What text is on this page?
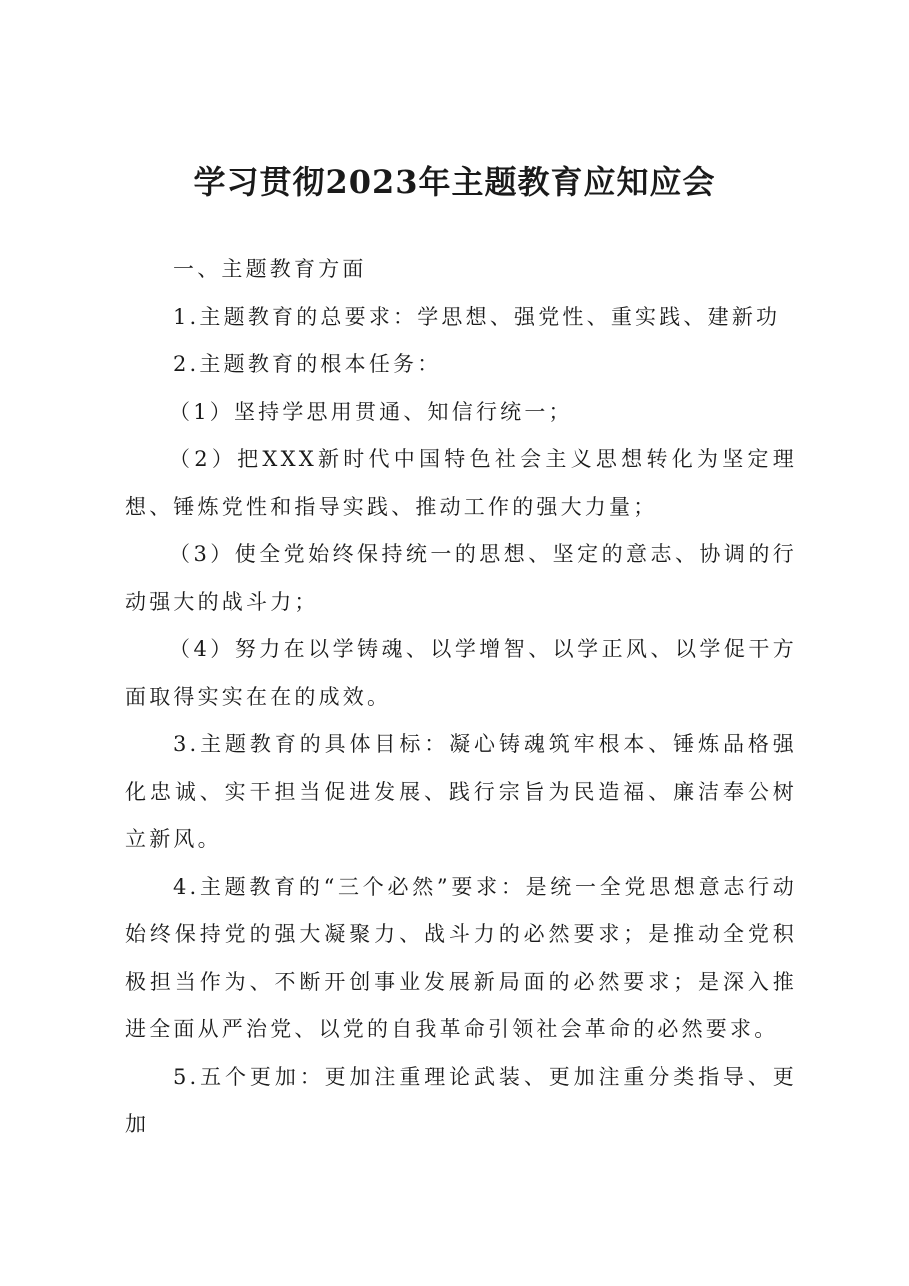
学习贯彻2023年主题教育应知应会

一、主题教育方面

1.主题教育的总要求：学思想、强党性、重实践、建新功

2.主题教育的根本任务：

（1）坚持学思用贯通、知信行统一；

（2）把XXX新时代中国特色社会主义思想转化为坚定理想、锤炼党性和指导实践、推动工作的强大力量；

（3）使全党始终保持统一的思想、坚定的意志、协调的行动强大的战斗力；

（4）努力在以学铸魂、以学增智、以学正风、以学促干方面取得实实在在的成效。

3.主题教育的具体目标：凝心铸魂筑牢根本、锤炼品格强化忠诚、实干担当促进发展、践行宗旨为民造福、廉洁奉公树立新风。

4.主题教育的“三个必然”要求：是统一全党思想意志行动始终保持党的强大凝聚力、战斗力的必然要求；是推动全党积极担当作为、不断开创事业发展新局面的必然要求；是深入推进全面从严治党、以党的自我革命引领社会革命的必然要求。

5.五个更加：更加注重理论武装、更加注重分类指导、更加
